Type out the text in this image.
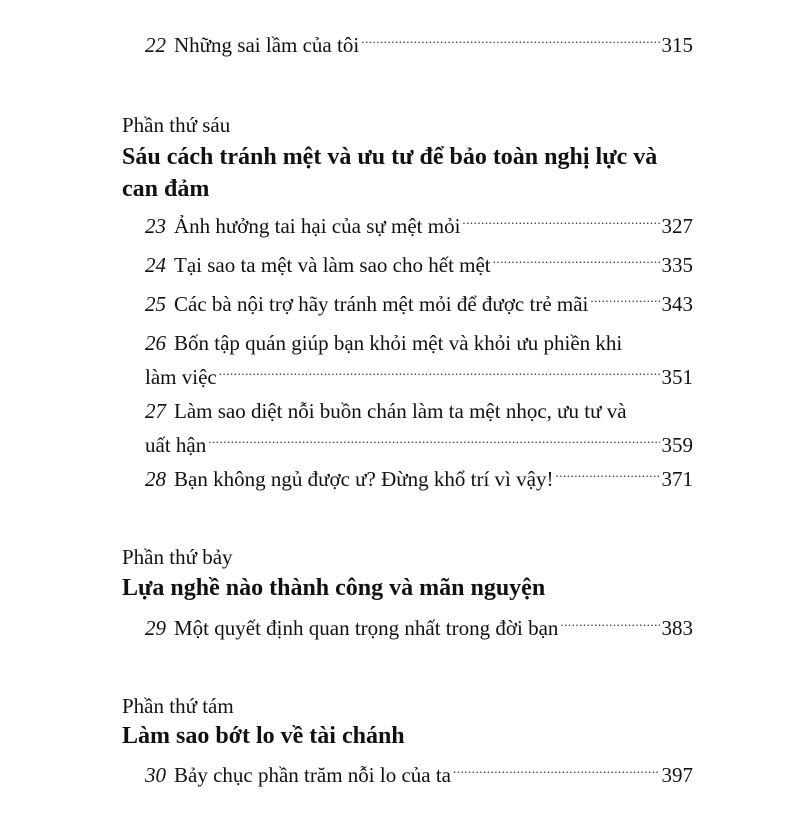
22 Những sai lầm của tôi .....	315
Phần thứ sáu
Sáu cách tránh mệt và ưu tư để bảo toàn nghị lực và
can đảm
23 Ảnh hưởng tai hại của sự mệt mỏi .....	327
24 Tại sao ta mệt và làm sao cho hết mệt .....	335
25 Các bà nội trợ hãy tránh mệt mỏi để được trẻ mãi .....	343
26 Bốn tập quán giúp bạn khỏi mệt và khỏi ưu phiền khi
làm việc .....	351
27 Làm sao diệt nỗi buồn chán làm ta mệt nhọc, ưu tư và
uất hận .....	359
28 Bạn không ngủ được ư? Đừng khổ trí vì vậy! .....	371
Phần thứ bảy
Lựa nghề nào thành công và mãn nguyện
29 Một quyết định quan trọng nhất trong đời bạn .....	383
Phần thứ tám
Làm sao bớt lo về tài chánh
30 Bảy chục phần trăm nỗi lo của ta .....	397
